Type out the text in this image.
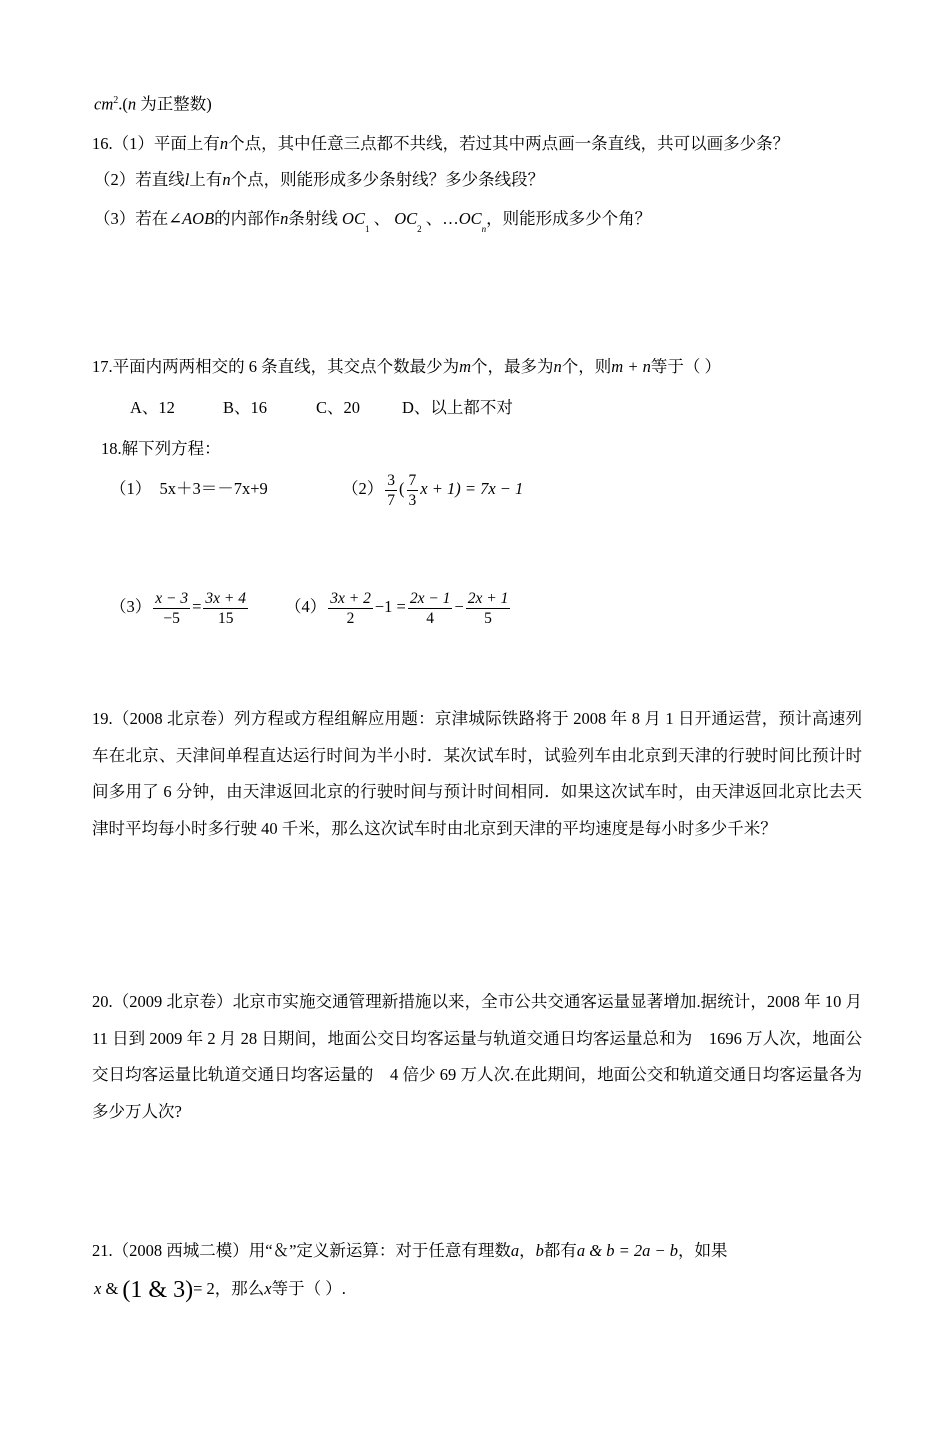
$cm^2.(n$ 为正整数)
16.（1）平面上有n个点，其中任意三点都不共线，若过其中两点画一条直线，共可以画多少条？
（2）若直线l上有n个点，则能形成多少条射线？多少条线段？
（3）若在∠AOB的内部作n条射线 $OC_1$ 、 $OC_2$ 、$\dots OC_n$，则能形成多少个角？
17.平面内两两相交的 6 条直线，其交点个数最少为m个，最多为n个，则m + n等于（ ）
A、12	B、16	C、20	D、以上都不对
18.解下列方程：
（1） 5x＋3＝－7x+9	$(2) \frac{3}{7}$ ( $\frac{7}{3}$ x + 1) = 7x − 1
$(3) \frac{x - 3}{-5} = \frac{3x + 4}{15} (4) \frac{3x + 2}{2} -1 = \frac{2x - 1}{4} - \frac{2x + 1}{5}$
19.（2008 北京卷）列方程或方程组解应用题：京津城际铁路将于 2008 年 8 月 1 日开通运营，预计高速列车在北京、天津间单程直达运行时间为半小时．某次试车时，试验列车由北京到天津的行驶时间比预计时间多用了 6 分钟，由天津返回北京的行驶时间与预计时间相同．如果这次试车时，由天津返回北京比去天津时平均每小时多行驶 40 千米，那么这次试车时由北京到天津的平均速度是每小时多少千米？
20.（2009 北京卷）北京市实施交通管理新措施以来，全市公共交通客运量显著增加.据统计，2008 年 10 月 11 日到 2009 年 2 月 28 日期间，地面公交日均客运量与轨道交通日均客运量总和为　1696 万人次，地面公交日均客运量比轨道交通日均客运量的　4 倍少 69 万人次.在此期间，地面公交和轨道交通日均客运量各为多少万人次?
21.（2008 西城二模）用“＆”定义新运算：对于任意有理数a，b都有a & b = 2a − b，如果
x & (1 & 3)= 2，那么x等于（ ）.
